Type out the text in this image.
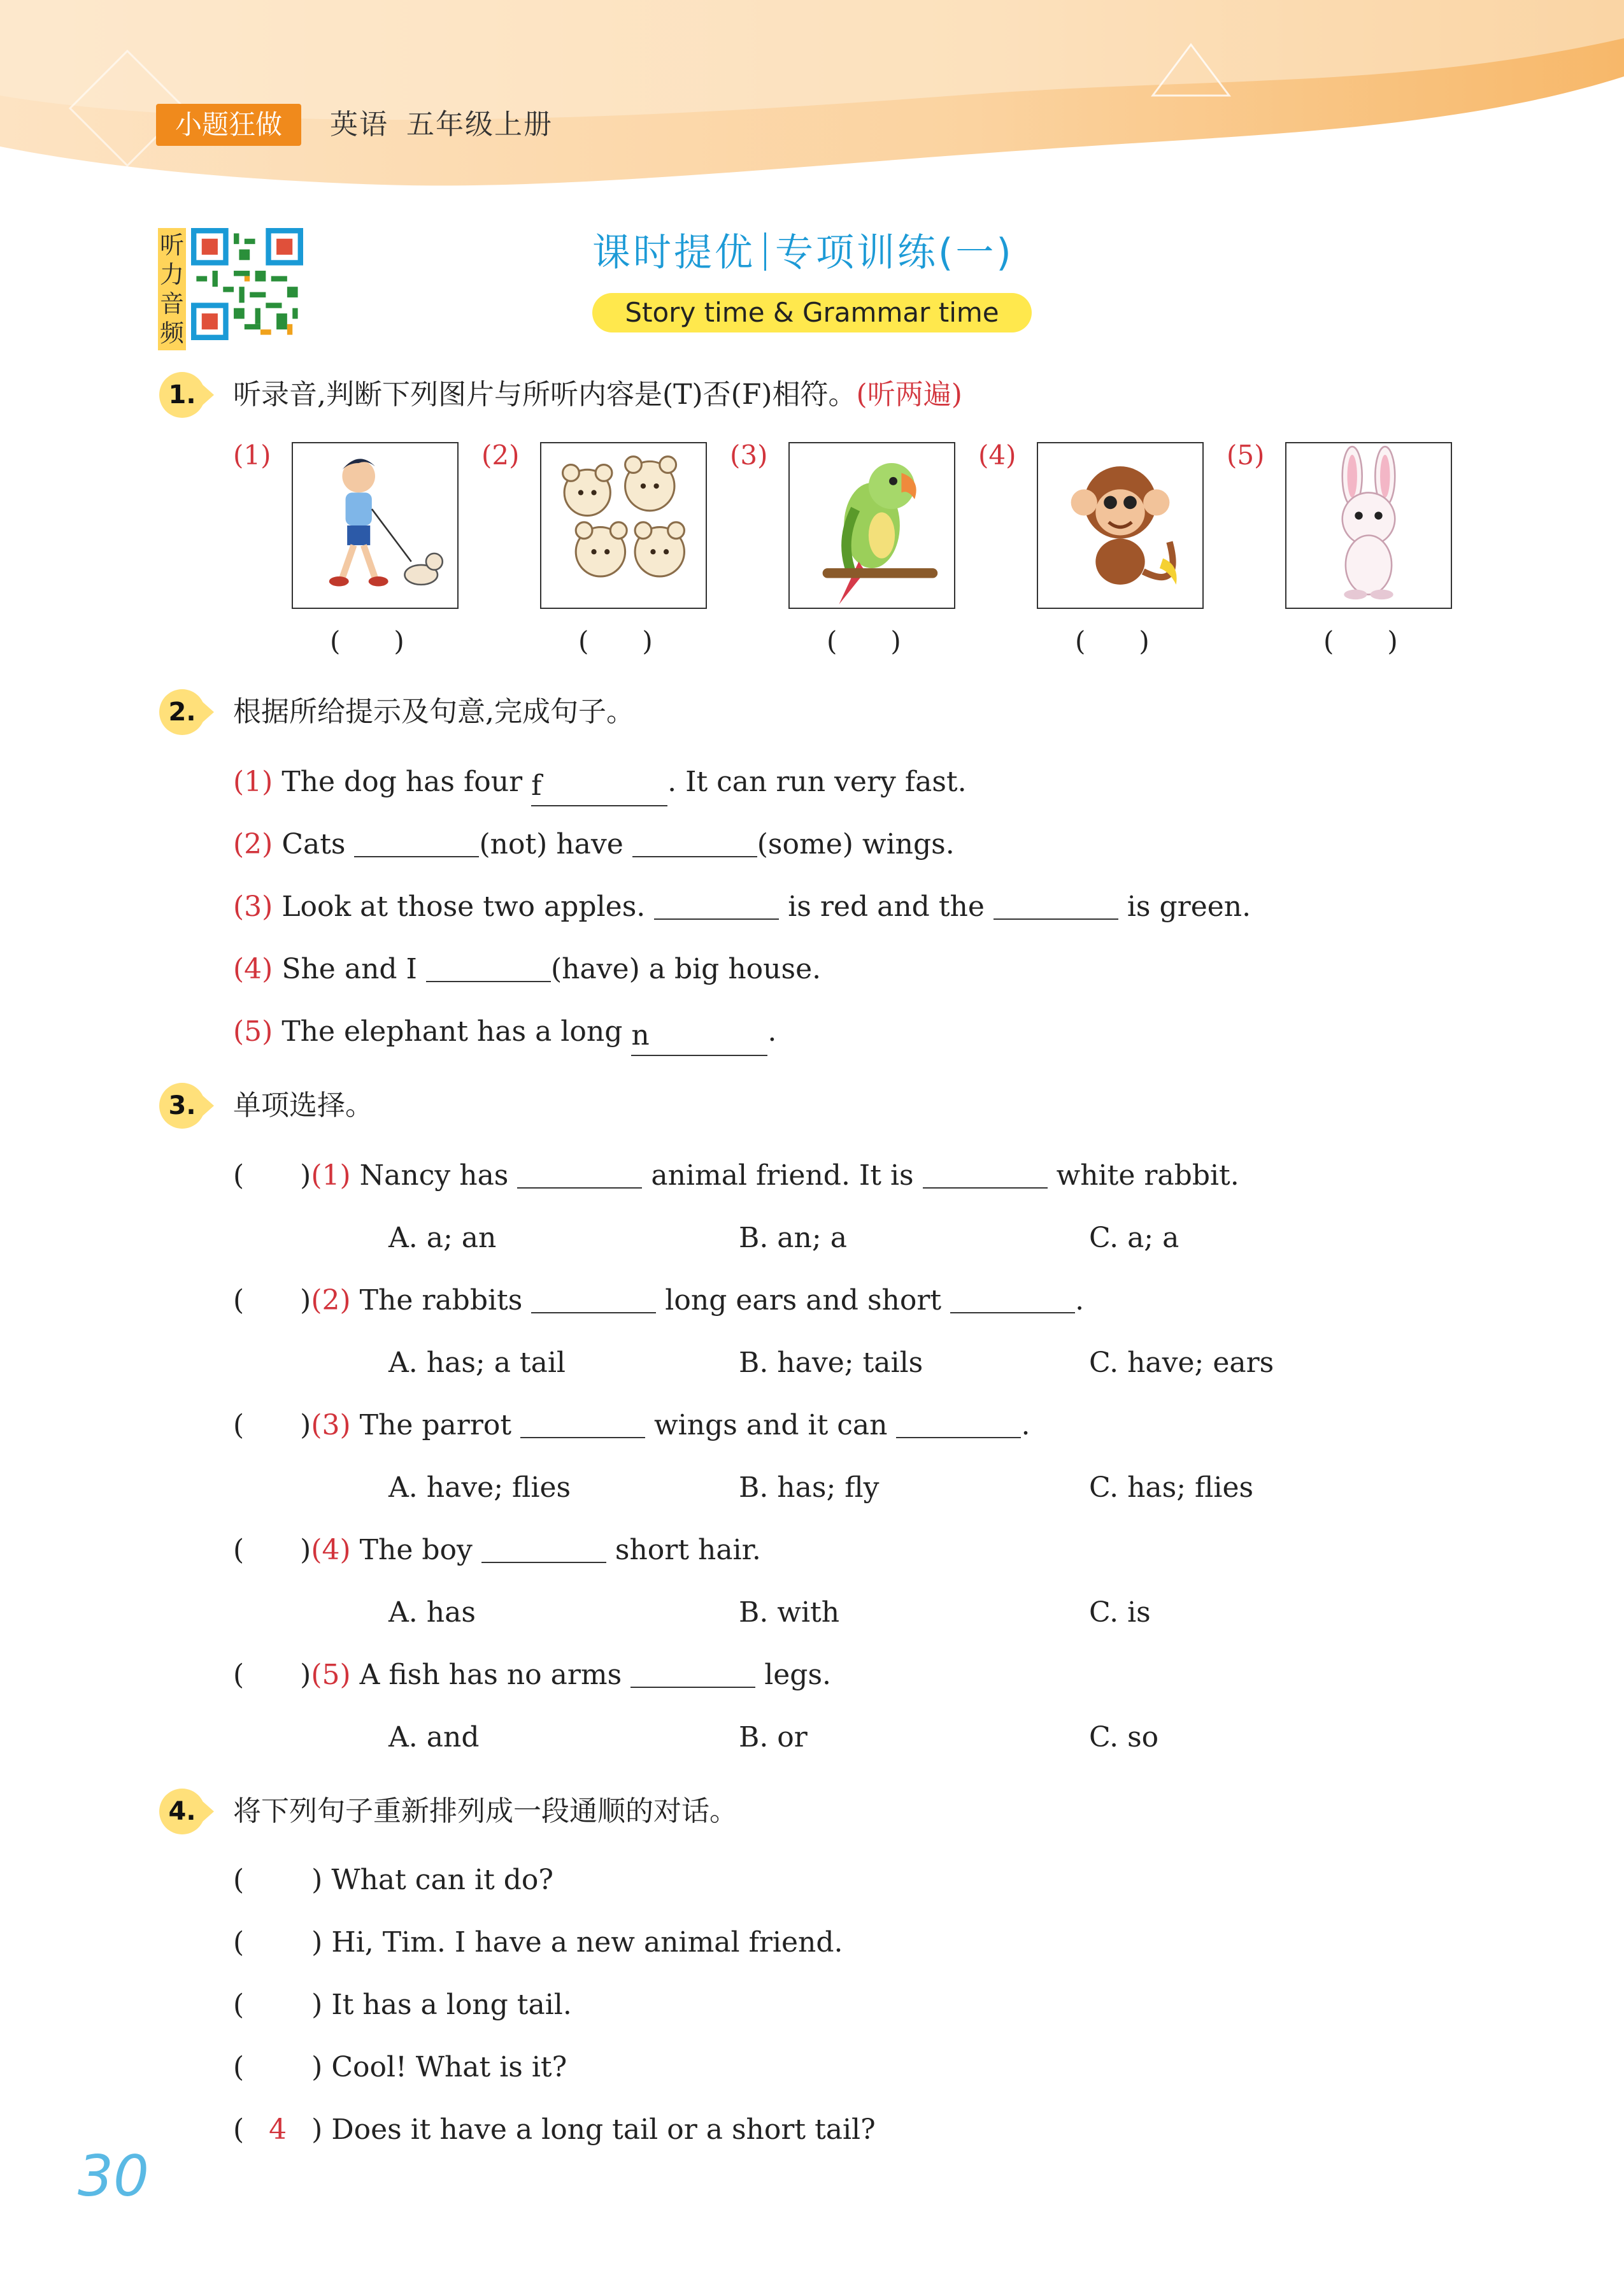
小题狂做	英语 五年级上册
听力音频
课时提优 专项训练(一)
Story time & Grammar time
1.	听录音,判断下列图片与所听内容是(T)否(F)相符。(听两遍)
(1)
(　　)
(2)
(　　)
(3)
(　　)
(4)
(　　)
(5)
(　　)
2.	根据所给提示及句意,完成句子。
(1) The dog has four f	. It can run very fast.
(2) Cats	(not) have	(some) wings.
(3) Look at those two apples.	is red and the	is green.
(4) She and I	(have) a big house.
(5) The elephant has a long n	.
3.	单项选择。
(　　)(1) Nancy has	animal friend. It is	white rabbit.
A. a; an	B. an; a	C. a; a
(　　)(2) The rabbits	long ears and short	.
A. has; a tail	B. have; tails	C. have; ears
(　　)(3) The parrot	wings and it can	.
A. have; flies	B. has; fly	C. has; flies
(　　)(4) The boy	short hair.
A. has	B. with	C. is
(　　)(5) A fish has no arms	legs.
A. and	B. or	C. so
4.	将下列句子重新排列成一段通顺的对话。
( ) What can it do?
( ) Hi, Tim. I have a new animal friend.
( ) It has a long tail.
( ) Cool! What is it?
( 4 ) Does it have a long tail or a short tail?
30
